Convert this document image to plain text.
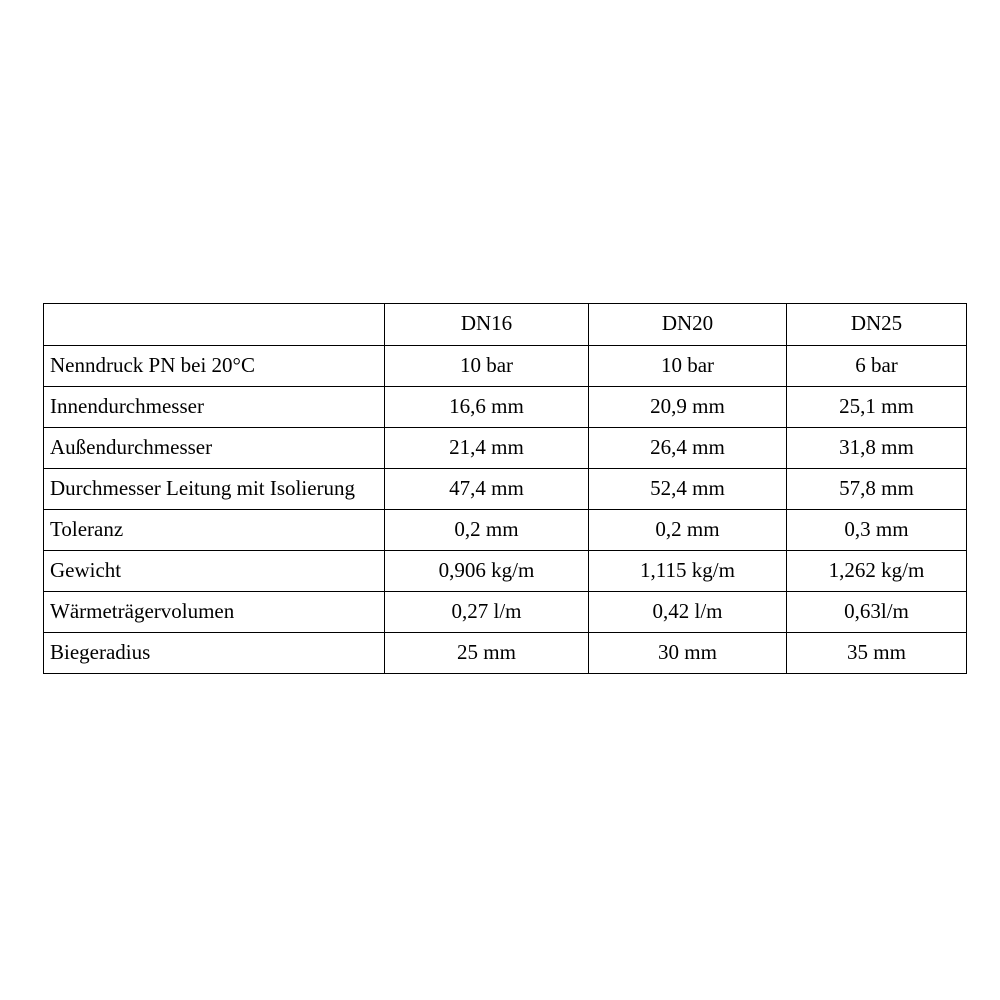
	DN16	DN20	DN25
Nenndruck PN bei 20°C	10 bar	10 bar	6 bar
Innendurchmesser	16,6 mm	20,9 mm	25,1 mm
Außendurchmesser	21,4 mm	26,4 mm	31,8 mm
Durchmesser Leitung mit Isolierung	47,4 mm	52,4 mm	57,8 mm
Toleranz	0,2 mm	0,2 mm	0,3 mm
Gewicht	0,906 kg/m	1,115 kg/m	1,262 kg/m
Wärmeträgervolumen	0,27 l/m	0,42 l/m	0,63l/m
Biegeradius	25 mm	30 mm	35 mm
